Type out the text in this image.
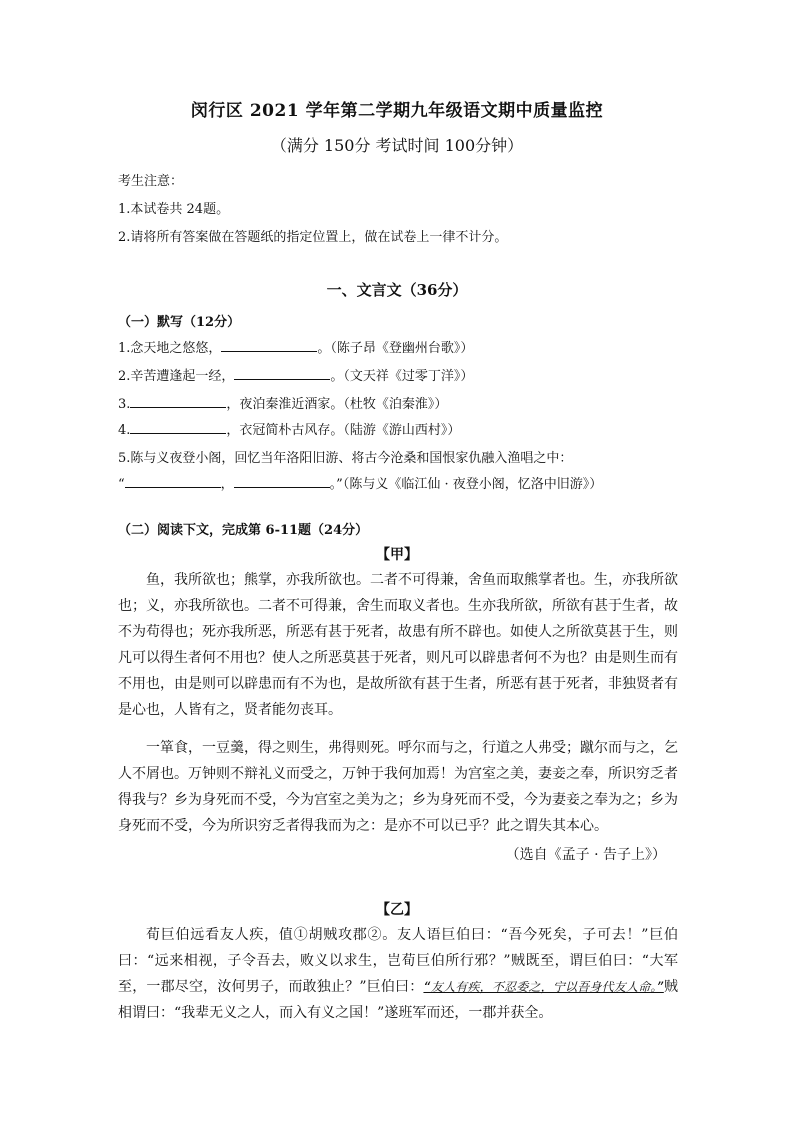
闵行区 2021 学年第二学期九年级语文期中质量监控
（满分 150分 考试时间 100分钟）
考生注意：
1.本试卷共 24题。
2.请将所有答案做在答题纸的指定位置上，做在试卷上一律不计分。
一、文言文（36分）
（一）默写（12分）
1.念天地之悠悠，	。（陈子昂《登幽州台歌》）
2.辛苦遭逢起一经，	。（文天祥《过零丁洋》）
3.	，夜泊秦淮近酒家。（杜牧《泊秦淮》）
4.	，衣冠简朴古风存。（陆游《游山西村》）
5.陈与义夜登小阁，回忆当年洛阳旧游、将古今沧桑和国恨家仇融入渔唱之中：
“	，	。”（陈与义《临江仙 · 夜登小阁，忆洛中旧游》）
（二）阅读下文，完成第 6-11题（24分）
【甲】
鱼，我所欲也；熊掌，亦我所欲也。二者不可得兼，舍鱼而取熊掌者也。生，亦我所欲也；义，亦我所欲也。二者不可得兼，舍生而取义者也。生亦我所欲，所欲有甚于生者，故不为苟得也；死亦我所恶，所恶有甚于死者，故患有所不辟也。如使人之所欲莫甚于生，则凡可以得生者何不用也？使人之所恶莫甚于死者，则凡可以辟患者何不为也？由是则生而有不用也，由是则可以辟患而有不为也，是故所欲有甚于生者，所恶有甚于死者，非独贤者有是心也，人皆有之，贤者能勿丧耳。
一箪食，一豆羹，得之则生，弗得则死。呼尔而与之，行道之人弗受；蹴尔而与之，乞人不屑也。万钟则不辩礼义而受之，万钟于我何加焉！为宫室之美，妻妾之奉，所识穷乏者得我与？乡为身死而不受，今为宫室之美为之；乡为身死而不受，今为妻妾之奉为之；乡为身死而不受，今为所识穷乏者得我而为之：是亦不可以已乎？此之谓失其本心。
（选自《孟子 · 告子上》）
【乙】
荀巨伯远看友人疾，值①胡贼攻郡②。友人语巨伯曰：“吾今死矣，子可去！”巨伯曰：“远来相视，子令吾去，败义以求生，岂荀巨伯所行邪？”贼既至，谓巨伯曰：“大军至，一郡尽空，汝何男子，而敢独止？”巨伯曰：“友人有疾，不忍委之，宁以吾身代友人命。”贼相谓曰：“我辈无义之人，而入有义之国！”遂班军而还，一郡并获全。
